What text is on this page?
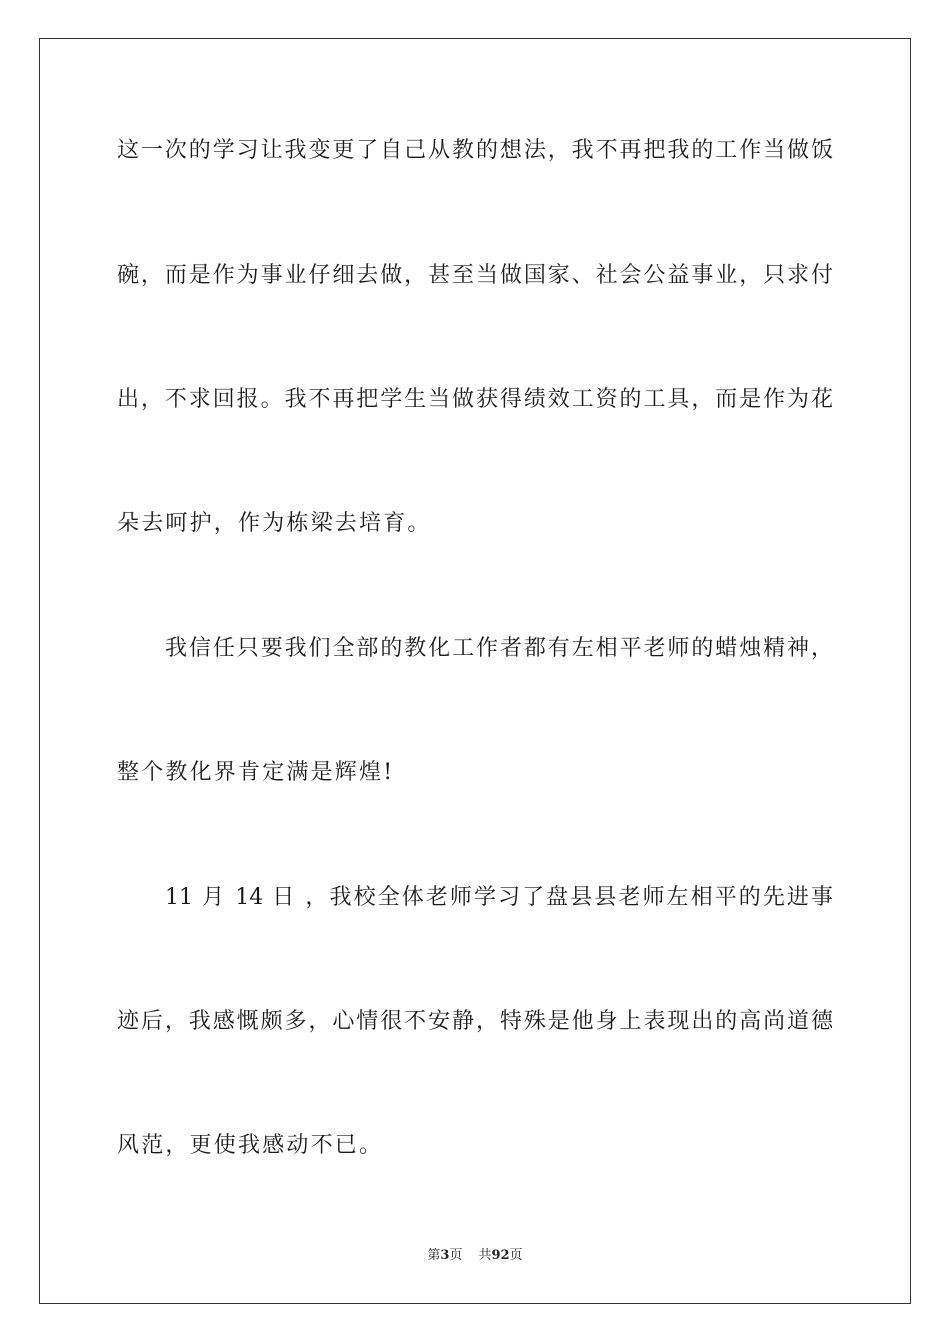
这一次的学习让我变更了自己从教的想法，我不再把我的工作当做饭
碗，而是作为事业仔细去做，甚至当做国家、社会公益事业，只求付
出，不求回报。我不再把学生当做获得绩效工资的工具，而是作为花
朵去呵护，作为栋梁去培育。
我信任只要我们全部的教化工作者都有左相平老师的蜡烛精神，
整个教化界肯定满是辉煌!
11 月 14 日 ，我校全体老师学习了盘县县老师左相平的先进事
迹后，我感慨颇多，心情很不安静，特殊是他身上表现出的高尚道德
风范，更使我感动不已。
第3页 共92页
